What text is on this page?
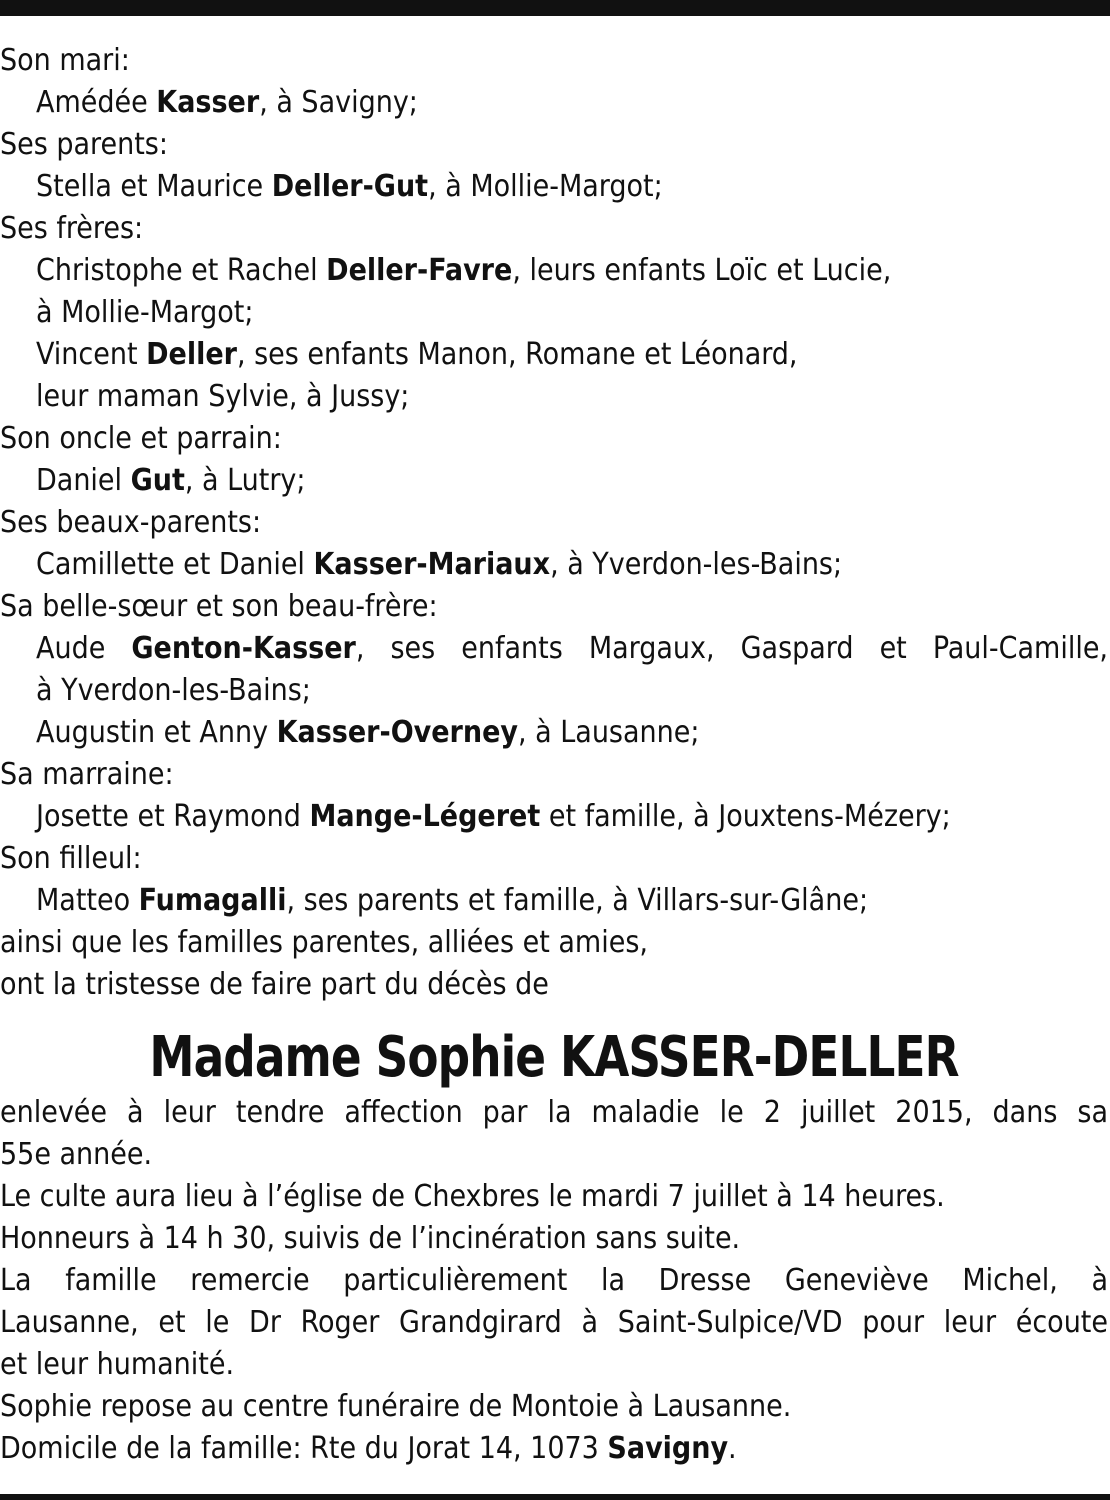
Son mari:
Amédée Kasser, à Savigny;
Ses parents:
Stella et Maurice Deller-Gut, à Mollie-Margot;
Ses frères:
Christophe et Rachel Deller-Favre, leurs enfants Loïc et Lucie,
à Mollie-Margot;
Vincent Deller, ses enfants Manon, Romane et Léonard,
leur maman Sylvie, à Jussy;
Son oncle et parrain:
Daniel Gut, à Lutry;
Ses beaux-parents:
Camillette et Daniel Kasser-Mariaux, à Yverdon-les-Bains;
Sa belle-sœur et son beau-frère:
Aude Genton-Kasser, ses enfants Margaux, Gaspard et Paul-Camille,
à Yverdon-les-Bains;
Augustin et Anny Kasser-Overney, à Lausanne;
Sa marraine:
Josette et Raymond Mange-Légeret et famille, à Jouxtens-Mézery;
Son filleul:
Matteo Fumagalli, ses parents et famille, à Villars-sur-Glâne;
ainsi que les familles parentes, alliées et amies,
ont la tristesse de faire part du décès de
Madame Sophie KASSER-DELLER
enlevée à leur tendre affection par la maladie le 2 juillet 2015, dans sa
55e année.
Le culte aura lieu à l’église de Chexbres le mardi 7 juillet à 14 heures.
Honneurs à 14 h 30, suivis de l’incinération sans suite.
La famille remercie particulièrement la Dresse Geneviève Michel, à
Lausanne, et le Dr Roger Grandgirard à Saint-Sulpice/VD pour leur écoute
et leur humanité.
Sophie repose au centre funéraire de Montoie à Lausanne.
Domicile de la famille: Rte du Jorat 14, 1073 Savigny.
